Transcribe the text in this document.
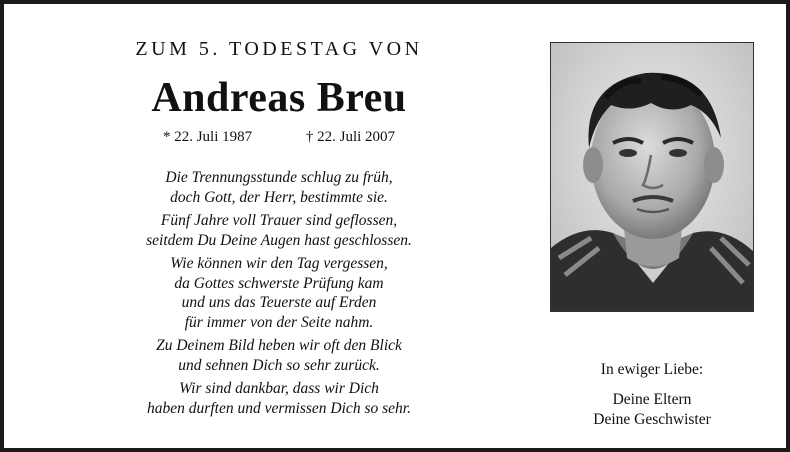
ZUM 5. TODESTAG VON
Andreas Breu
* 22. Juli 1987	† 22. Juli 2007
Die Trennungsstunde schlug zu früh,
doch Gott, der Herr, bestimmte sie.
Fünf Jahre voll Trauer sind geflossen,
seitdem Du Deine Augen hast geschlossen.
Wie können wir den Tag vergessen,
da Gottes schwerste Prüfung kam
und uns das Teuerste auf Erden
für immer von der Seite nahm.
Zu Deinem Bild heben wir oft den Blick
und sehnen Dich so sehr zurück.
Wir sind dankbar, dass wir Dich
haben durften und vermissen Dich so sehr.
In ewiger Liebe:
Deine Eltern
Deine Geschwister
